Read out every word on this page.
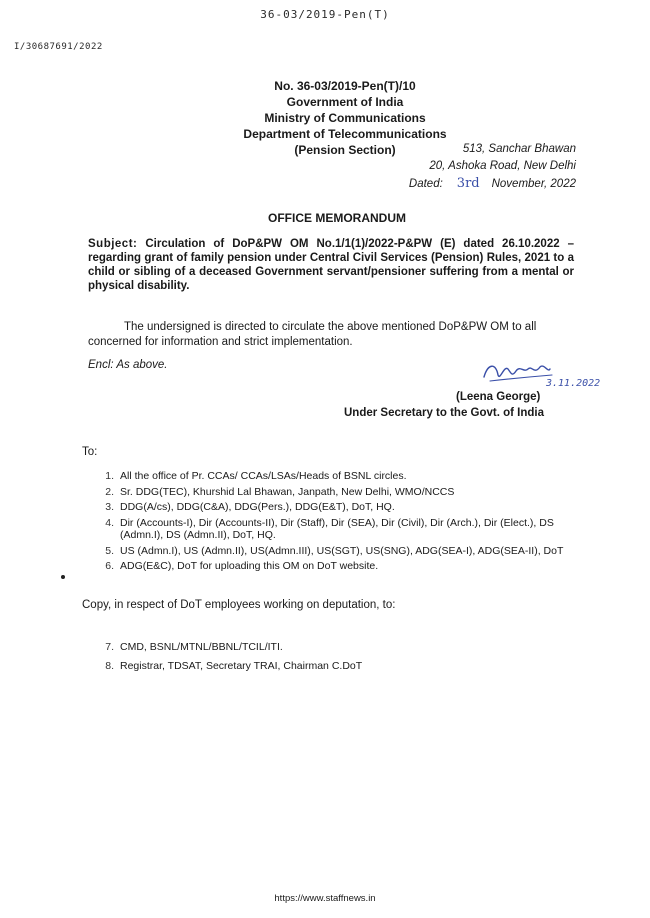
36-03/2019-Pen(T)
I/30687691/2022
No. 36-03/2019-Pen(T)/10
Government of India
Ministry of Communications
Department of Telecommunications
(Pension Section)	513, Sanchar Bhawan
20, Ashoka Road, New Delhi
Dated: 3rd November, 2022
OFFICE MEMORANDUM
Subject: Circulation of DoP&PW OM No.1/1(1)/2022-P&PW (E) dated 26.10.2022 – regarding grant of family pension under Central Civil Services (Pension) Rules, 2021 to a child or sibling of a deceased Government servant/pensioner suffering from a mental or physical disability.
The undersigned is directed to circulate the above mentioned DoP&PW OM to all concerned for information and strict implementation.
Encl: As above.
3.11.2022
(Leena George)
Under Secretary to the Govt. of India
To:
1. All the office of Pr. CCAs/ CCAs/LSAs/Heads of BSNL circles.
2. Sr. DDG(TEC), Khurshid Lal Bhawan, Janpath, New Delhi, WMO/NCCS
3. DDG(A/cs), DDG(C&A), DDG(Pers.), DDG(E&T), DoT, HQ.
4. Dir (Accounts-I), Dir (Accounts-II), Dir (Staff), Dir (SEA), Dir (Civil), Dir (Arch.), Dir (Elect.), DS (Admn.I), DS (Admn.II), DoT, HQ.
5. US (Admn.I), US (Admn.II), US(Admn.III), US(SGT), US(SNG), ADG(SEA-I), ADG(SEA-II), DoT
6. ADG(E&C), DoT for uploading this OM on DoT website.
Copy, in respect of DoT employees working on deputation, to:
7. CMD, BSNL/MTNL/BBNL/TCIL/ITI.
8. Registrar, TDSAT, Secretary TRAI, Chairman C.DoT
https://www.staffnews.in
